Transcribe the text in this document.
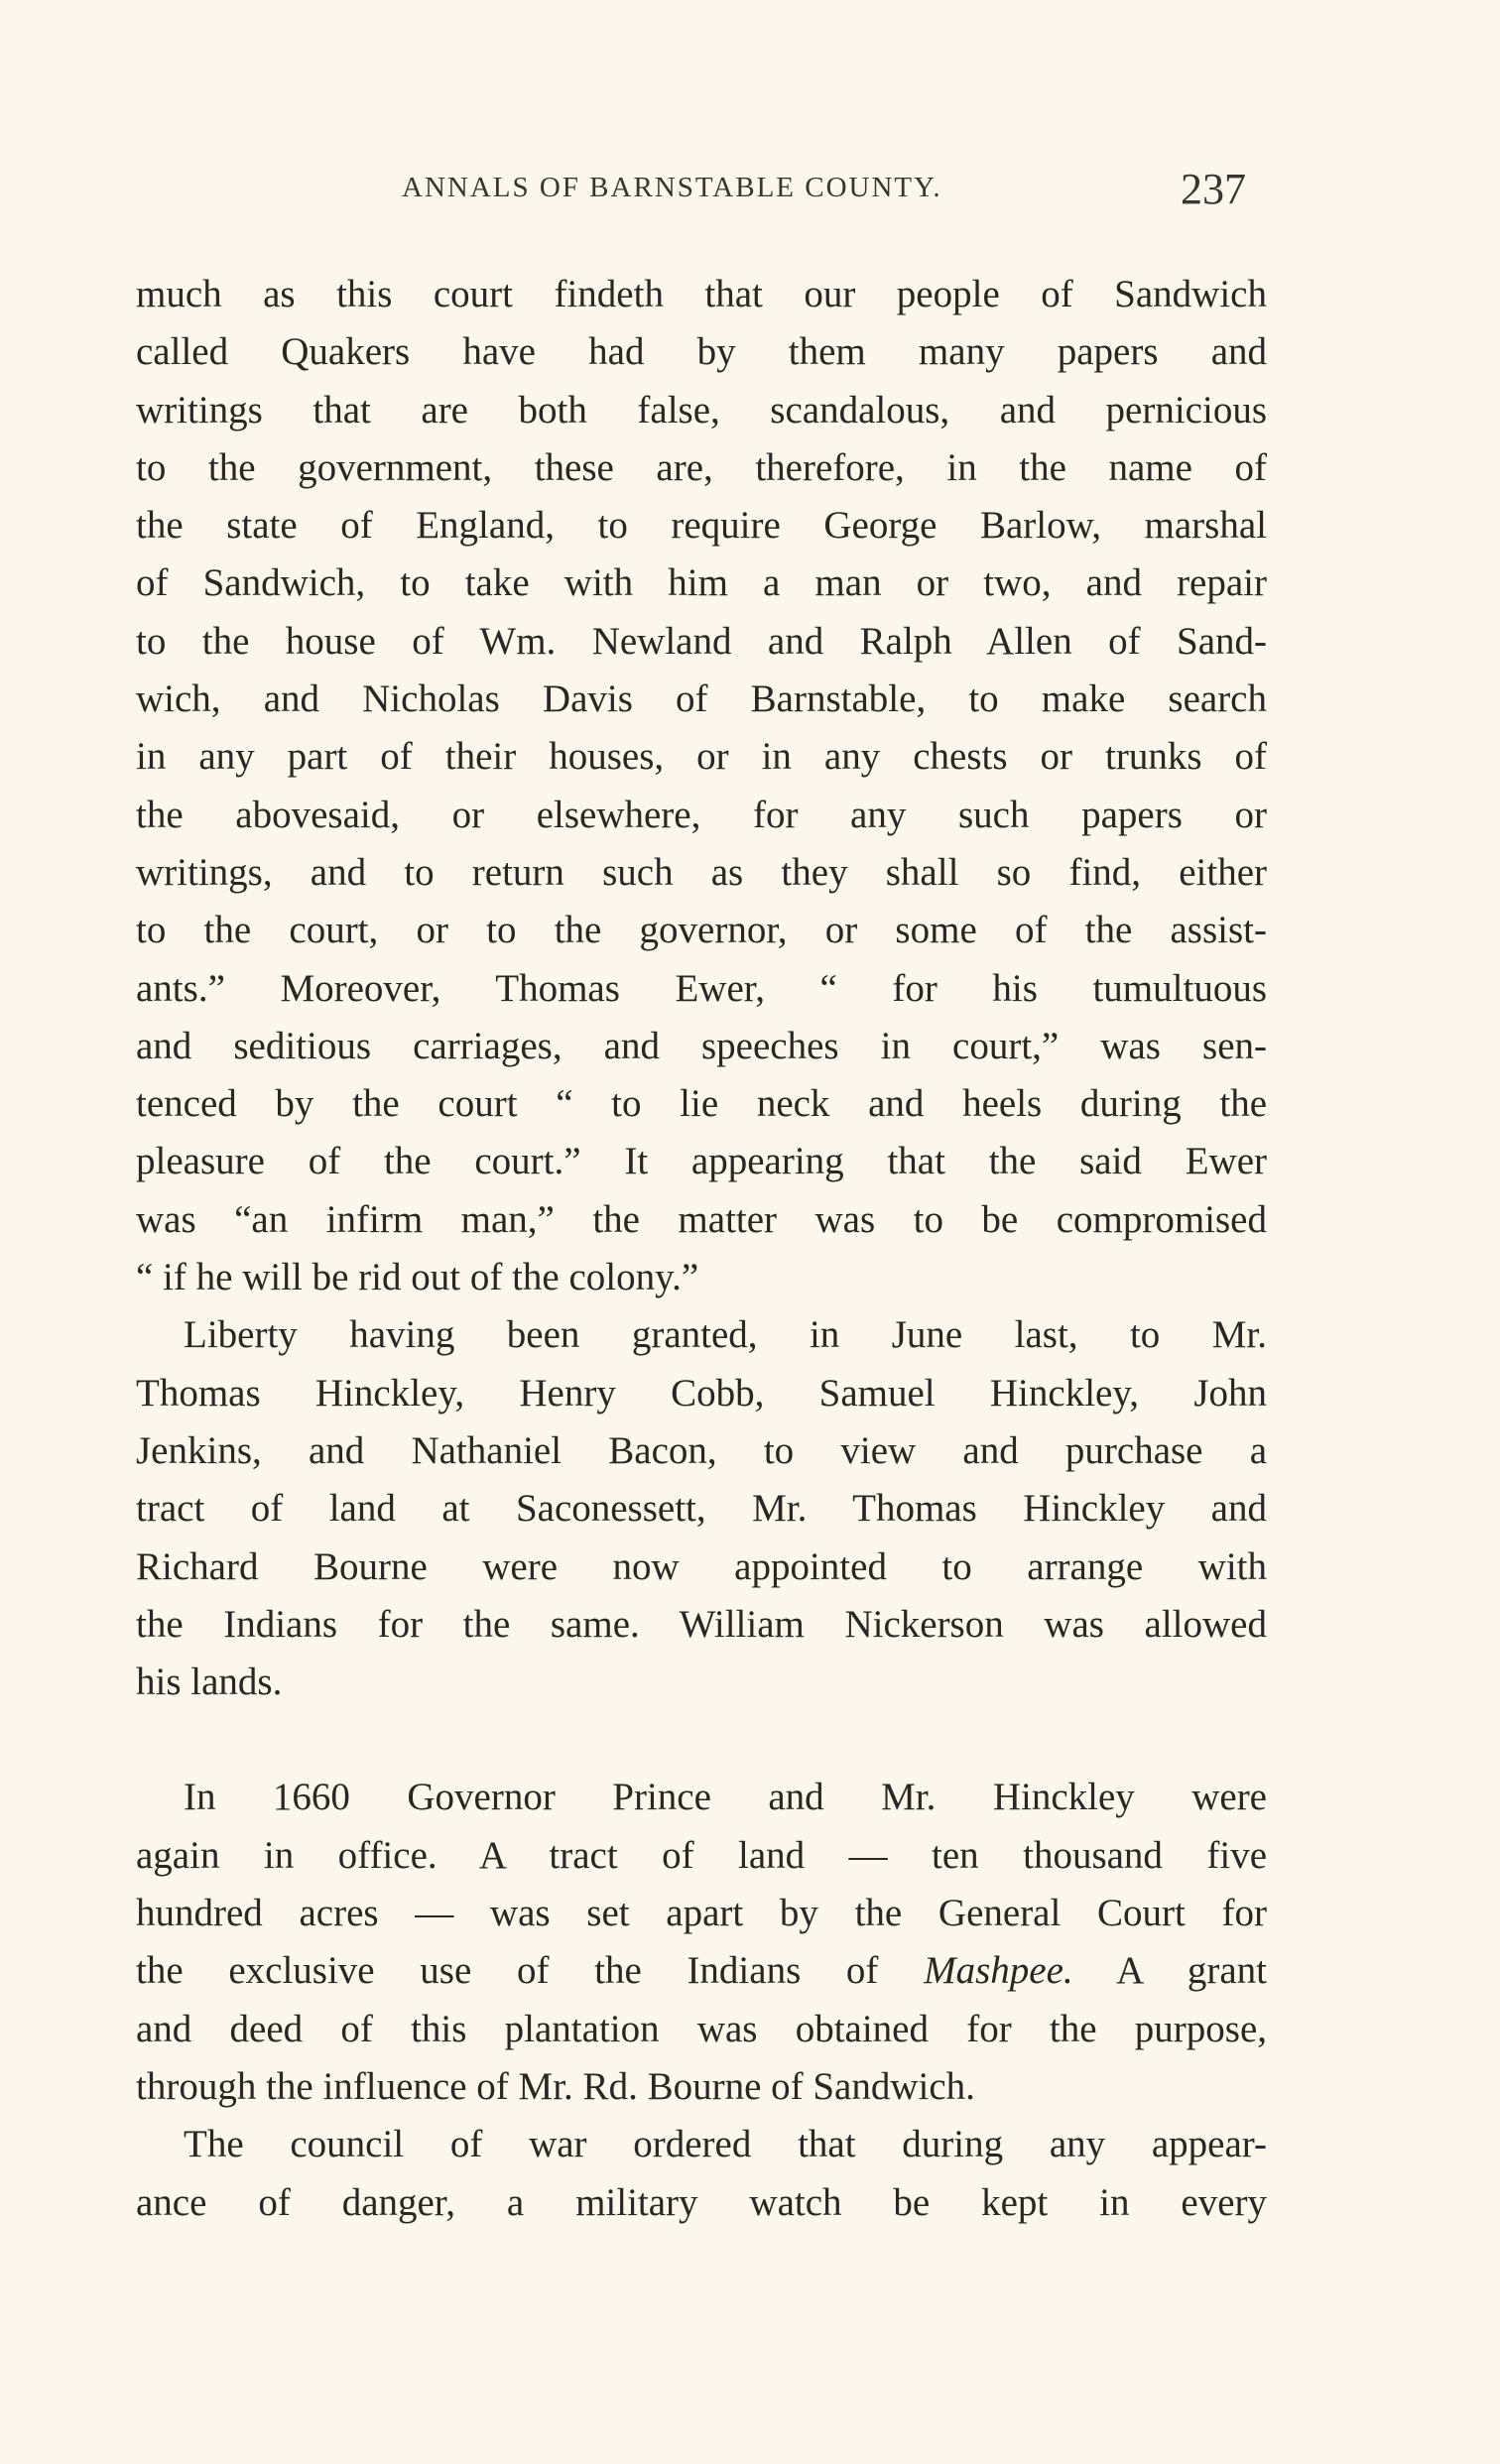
ANNALS OF BARNSTABLE COUNTY.	237
much as this court findeth that our people of Sandwich
called Quakers have had by them many papers and
writings that are both false, scandalous, and pernicious
to the government, these are, therefore, in the name of
the state of England, to require George Barlow, marshal
of Sandwich, to take with him a man or two, and repair
to the house of Wm. Newland and Ralph Allen of Sand-
wich, and Nicholas Davis of Barnstable, to make search
in any part of their houses, or in any chests or trunks of
the abovesaid, or elsewhere, for any such papers or
writings, and to return such as they shall so find, either
to the court, or to the governor, or some of the assist-
ants.” Moreover, Thomas Ewer, “ for his tumultuous
and seditious carriages, and speeches in court,” was sen-
tenced by the court “ to lie neck and heels during the
pleasure of the court.” It appearing that the said Ewer
was “an infirm man,” the matter was to be compromised
“ if he will be rid out of the colony.”
Liberty having been granted, in June last, to Mr.
Thomas Hinckley, Henry Cobb, Samuel Hinckley, John
Jenkins, and Nathaniel Bacon, to view and purchase a
tract of land at Saconessett, Mr. Thomas Hinckley and
Richard Bourne were now appointed to arrange with
the Indians for the same. William Nickerson was allowed
his lands.
In 1660 Governor Prince and Mr. Hinckley were
again in office. A tract of land — ten thousand five
hundred acres — was set apart by the General Court for
the exclusive use of the Indians of Mashpee. A grant
and deed of this plantation was obtained for the purpose,
through the influence of Mr. Rd. Bourne of Sandwich.
The council of war ordered that during any appear-
ance of danger, a military watch be kept in every
